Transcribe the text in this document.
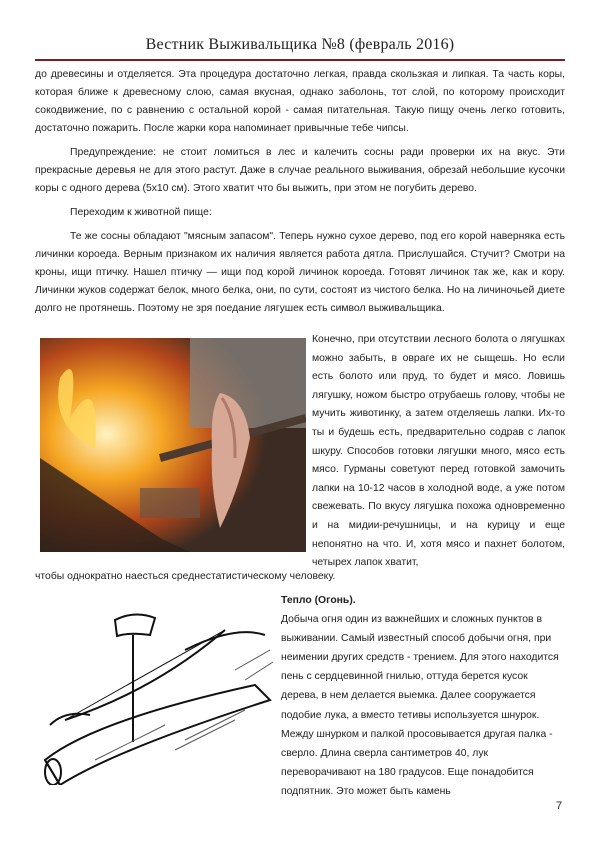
Вестник Выживальщика №8 (февраль 2016)

до древесины и отделяется. Эта процедура достаточно легкая, правда скользкая и липкая. Та часть коры, которая ближе к древесному слою, самая вкусная, однако заболонь, тот слой, по которому происходит сокодвижение, по с равнению с остальной корой - самая питательная. Такую пищу очень легко готовить, достаточно пожарить. После жарки кора напоминает привычные тебе чипсы.

Предупреждение: не стоит ломиться в лес и калечить сосны ради проверки их на вкус. Эти прекрасные деревья не для этого растут. Даже в случае реального выживания, обрезай небольшие кусочки коры с одного дерева (5х10 см). Этого хватит что бы выжить, при этом не погубить дерево.

Переходим к животной пище:

Те же сосны обладают "мясным запасом". Теперь нужно сухое дерево, под его корой наверняка есть личинки короеда. Верным признаком их наличия является работа дятла. Прислушайся. Стучит? Смотри на кроны, ищи птичку. Нашел птичку — ищи под корой личинок короеда. Готовят личинок так же, как и кору. Личинки жуков содержат белок, много белка, они, по сути, состоят из чистого белка. Но на личиночьей диете долго не протянешь. Поэтому не зря поедание лягушек есть символ выживальщика.

Конечно, при отсутствии лесного болота о лягушках можно забыть, в овраге их не сыщешь. Но если есть болото или пруд, то будет и мясо. Ловишь лягушку, ножом быстро отрубаешь голову, чтобы не мучить животинку, а затем отделяешь лапки. Их-то ты и будешь есть, предварительно содрав с лапок шкуру. Способов готовки лягушки много, мясо есть мясо. Гурманы советуют перед готовкой замочить лапки на 10-12 часов в холодной воде, а уже потом свежевать. По вкусу лягушка похожа одновременно и на мидии-речушницы, и на курицу и еще непонятно на что. И, хотя мясо и пахнет болотом, четырех лапок хватит,
чтобы однократно наесться среднестатистическому человеку.
Тепло (Огонь).
Добыча огня один из важнейших и сложных пунктов в выживании. Самый известный способ добычи огня, при неимении других средств - трением. Для этого находится пень с сердцевинной гнилью, оттуда берется кусок дерева, в нем делается выемка. Далее сооружается подобие лука, а вместо тетивы используется шнурок. Между шнурком и палкой просовывается другая палка - сверло. Длина сверла сантиметров 40, лук переворачивают на 180 градусов. Еще понадобится подпятник. Это может быть камень
7
